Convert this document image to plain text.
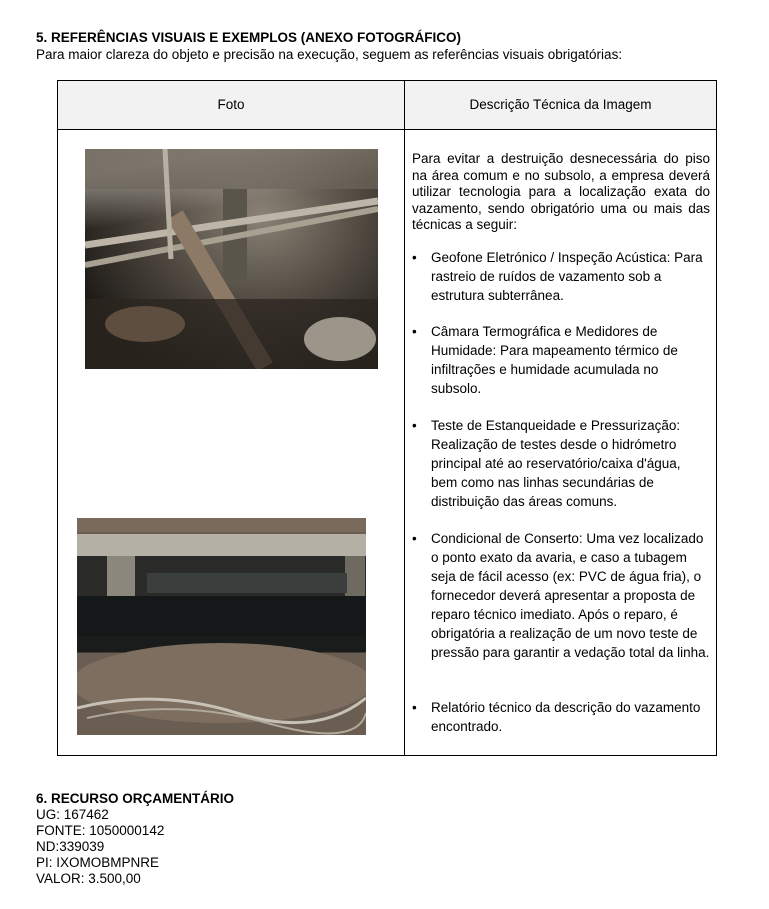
5. REFERÊNCIAS VISUAIS E EXEMPLOS (ANEXO FOTOGRÁFICO)
Para maior clareza do objeto e precisão na execução, seguem as referências visuais obrigatórias:
Foto	Descrição Técnica da Imagem

Para evitar a destruição desnecessária do piso na área comum e no subsolo, a empresa deverá utilizar tecnologia para a localização exata do vazamento, sendo obrigatório uma ou mais das técnicas a seguir:

•	Geofone Eletrónico / Inspeção Acústica: Para rastreio de ruídos de vazamento sob a estrutura subterrânea.
•	Câmara Termográfica e Medidores de Humidade: Para mapeamento térmico de infiltrações e humidade acumulada no subsolo.
•	Teste de Estanqueidade e Pressurização: Realização de testes desde o hidrómetro principal até ao reservatório/caixa d'água, bem como nas linhas secundárias de distribuição das áreas comuns.
•	Condicional de Conserto: Uma vez localizado o ponto exato da avaria, e caso a tubagem seja de fácil acesso (ex: PVC de água fria), o fornecedor deverá apresentar a proposta de reparo técnico imediato. Após o reparo, é obrigatória a realização de um novo teste de pressão para garantir a vedação total da linha.
•	Relatório técnico da descrição do vazamento encontrado.
6. RECURSO ORÇAMENTÁRIO
UG: 167462
FONTE: 1050000142
ND:339039
PI: IXOMOBMPNRE
VALOR: 3.500,00
